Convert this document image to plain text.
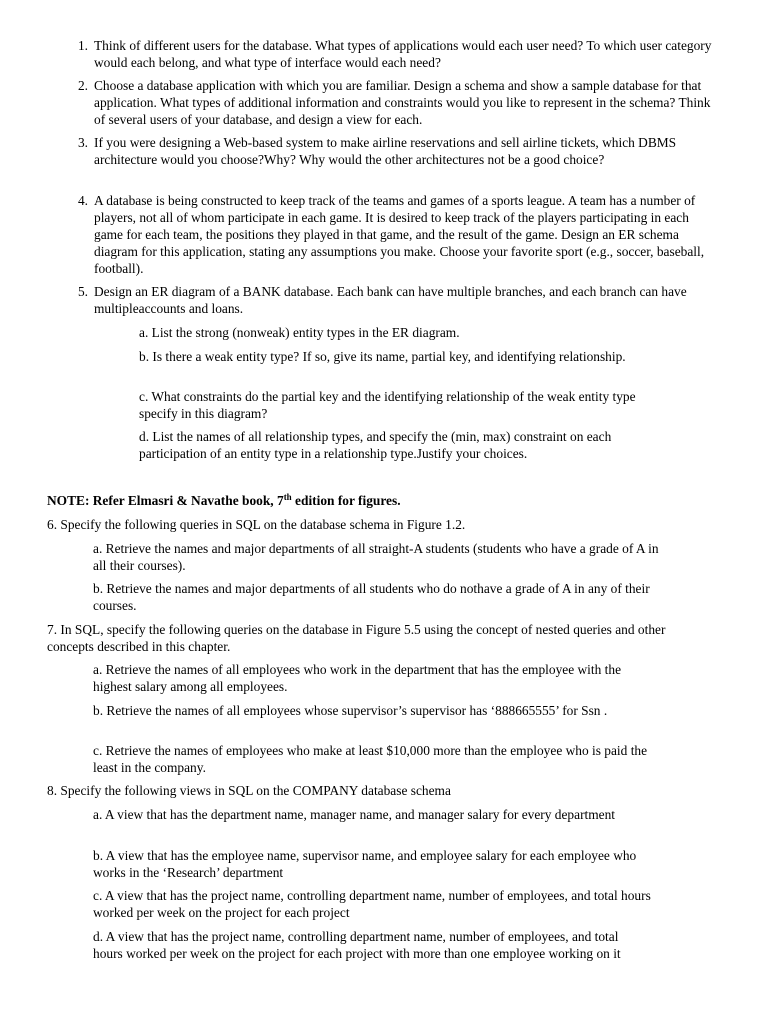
1. Think of different users for the database. What types of applications would each user need? To which user category would each belong, and what type of interface would each need?
2. Choose a database application with which you are familiar. Design a schema and show a sample database for that application. What types of additional information and constraints would you like to represent in the schema? Think of several users of your database, and design a view for each.
3. If you were designing a Web-based system to make airline reservations and sell airline tickets, which DBMS architecture would you choose?Why? Why would the other architectures not be a good choice?
4. A database is being constructed to keep track of the teams and games of a sports league. A team has a number of players, not all of whom participate in each game. It is desired to keep track of the players participating in each game for each team, the positions they played in that game, and the result of the game. Design an ER schema diagram for this application, stating any assumptions you make. Choose your favorite sport (e.g., soccer, baseball, football).
5. Design an ER diagram of a BANK database. Each bank can have multiple branches, and each branch can have multipleaccounts and loans.
a. List the strong (nonweak) entity types in the ER diagram.
b. Is there a weak entity type? If so, give its name, partial key, and identifying relationship.
c. What constraints do the partial key and the identifying relationship of the weak entity type specify in this diagram?
d. List the names of all relationship types, and specify the (min, max) constraint on each participation of an entity type in a relationship type.Justify your choices.
NOTE: Refer Elmasri & Navathe book, 7th edition for figures.
6. Specify the following queries in SQL on the database schema in Figure 1.2.
a. Retrieve the names and major departments of all straight-A students (students who have a grade of A in all their courses).
b. Retrieve the names and major departments of all students who do nothave a grade of A in any of their courses.
7. In SQL, specify the following queries on the database in Figure 5.5 using the concept of nested queries and other concepts described in this chapter.
a. Retrieve the names of all employees who work in the department that has the employee with the highest salary among all employees.
b. Retrieve the names of all employees whose supervisor’s supervisor has ‘888665555’ for Ssn .
c. Retrieve the names of employees who make at least $10,000 more than the employee who is paid the least in the company.
8. Specify the following views in SQL on the COMPANY database schema
a. A view that has the department name, manager name, and manager salary for every department
b. A view that has the employee name, supervisor name, and employee salary for each employee who works in the ‘Research’ department
c. A view that has the project name, controlling department name, number of employees, and total hours worked per week on the project for each project
d. A view that has the project name, controlling department name, number of employees, and total hours worked per week on the project for each project with more than one employee working on it
